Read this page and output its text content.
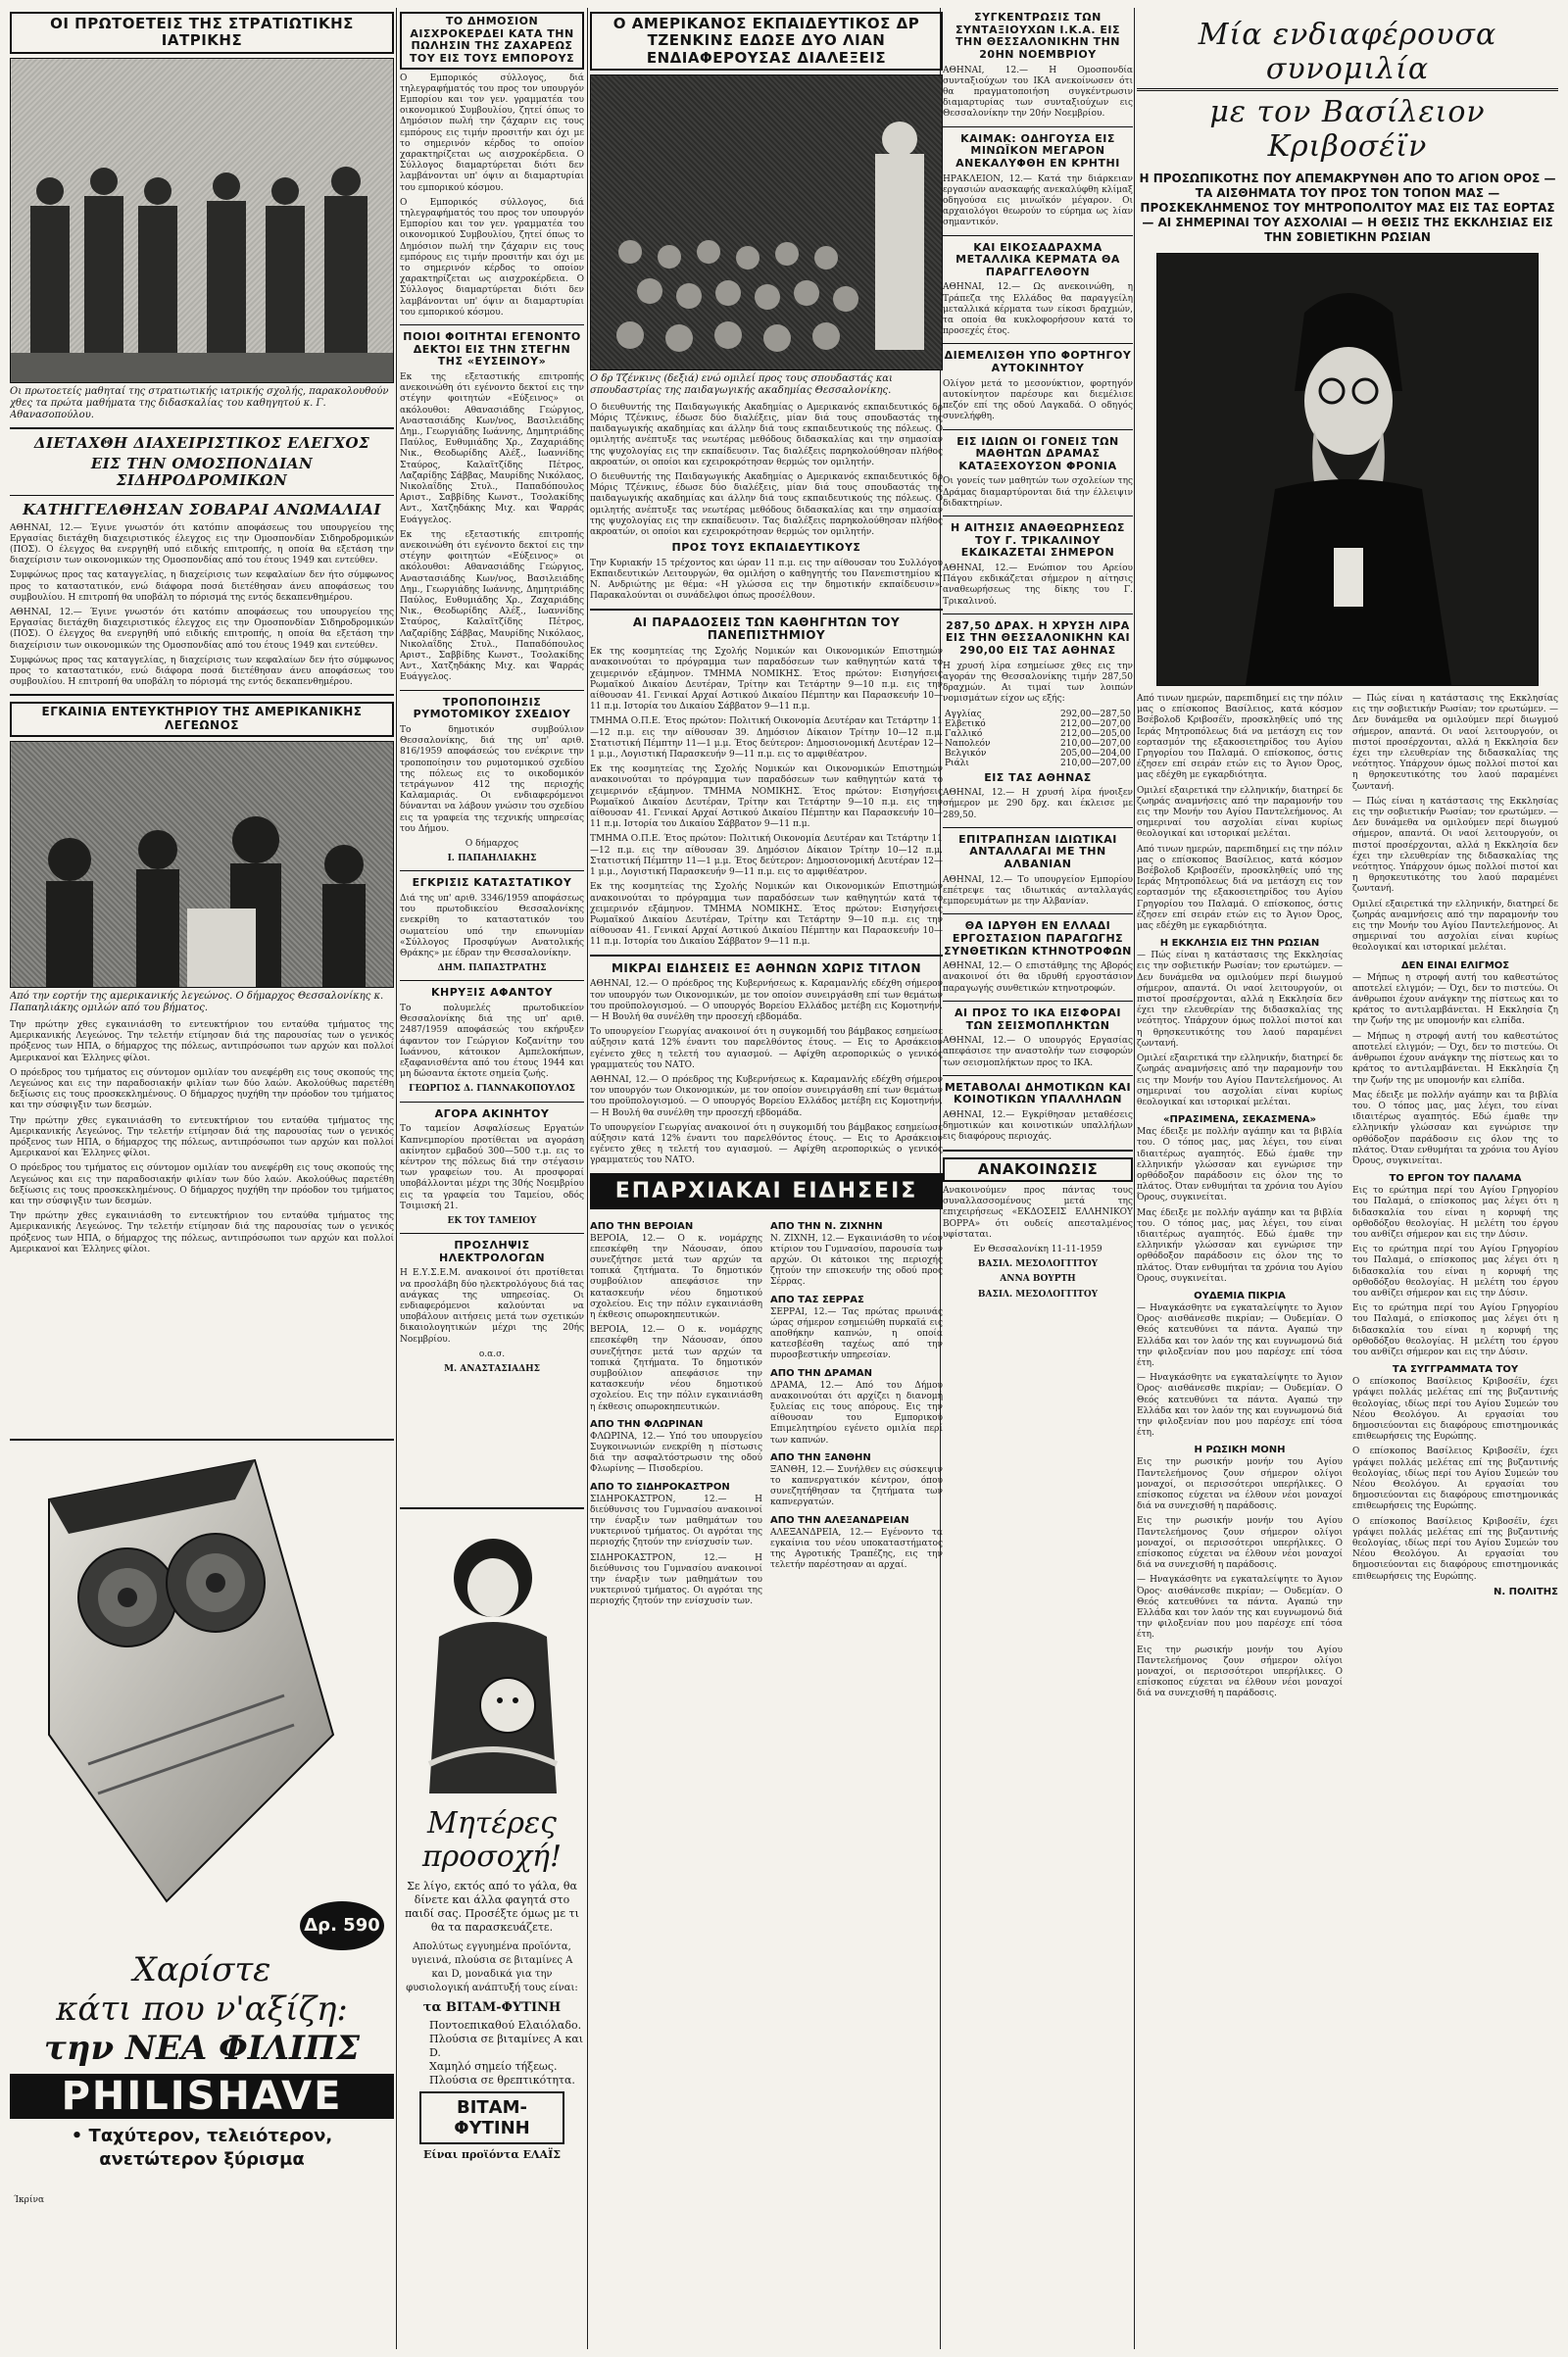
ΟΙ ΠΡΩΤΟΕΤΕΙΣ ΤΗΣ ΣΤΡΑΤΙΩΤΙΚΗΣ ΙΑΤΡΙΚΗΣ
Οι πρωτοετείς μαθηταί της στρατιωτικής ιατρικής σχολής, παρακολουθούν χθες τα πρώτα μαθήματα της διδασκαλίας του καθηγητού κ. Γ. Αθανασοπούλου.
ΔΙΕΤΑΧΘΗ ΔΙΑΧΕΙΡΙΣΤΙΚΟΣ ΕΛΕΓΧΟΣ
ΕΙΣ ΤΗΝ ΟΜΟΣΠΟΝΔΙΑΝ ΣΙΔΗΡΟΔΡΟΜΙΚΩΝ
ΚΑΤΗΓΓΕΛΘΗΣΑΝ ΣΟΒΑΡΑΙ ΑΝΩΜΑΛΙΑΙ

ΑΘΗΝΑΙ, 12.— Έγινε γνωστόν ότι κατόπιν αποφάσεως του υπουργείου της Εργασίας διετάχθη διαχειριστικός έλεγχος εις την Ομοσπονδίαν Σιδηροδρομικών (ΠΟΣ). Ο έλεγχος θα ενεργηθή υπό ειδικής επιτροπής, η οποία θα εξετάση την διαχείρισιν των οικονομικών της Ομοσπονδίας από του έτους 1949 και εντεύθεν.

Συμφώνως προς τας καταγγελίας, η διαχείρισις των κεφαλαίων δεν ήτο σύμφωνος προς το καταστατικόν, ενώ διάφορα ποσά διετέθησαν άνευ αποφάσεως του συμβουλίου. Η επιτροπή θα υποβάλη το πόρισμά της εντός δεκαπενθημέρου.

ΑΘΗΝΑΙ, 12.— Έγινε γνωστόν ότι κατόπιν αποφάσεως του υπουργείου της Εργασίας διετάχθη διαχειριστικός έλεγχος εις την Ομοσπονδίαν Σιδηροδρομικών (ΠΟΣ). Ο έλεγχος θα ενεργηθή υπό ειδικής επιτροπής, η οποία θα εξετάση την διαχείρισιν των οικονομικών της Ομοσπονδίας από του έτους 1949 και εντεύθεν.

Συμφώνως προς τας καταγγελίας, η διαχείρισις των κεφαλαίων δεν ήτο σύμφωνος προς το καταστατικόν, ενώ διάφορα ποσά διετέθησαν άνευ αποφάσεως του συμβουλίου. Η επιτροπή θα υποβάλη το πόρισμά της εντός δεκαπενθημέρου.

ΕΓΚΑΙΝΙΑ ΕΝΤΕΥΚΤΗΡΙΟΥ ΤΗΣ ΑΜΕΡΙΚΑΝΙΚΗΣ ΛΕΓΕΩΝΟΣ
Από την εορτήν της αμερικανικής λεγεώνος. Ο δήμαρχος Θεσσαλονίκης κ. Παπαηλιάκης ομιλών από του βήματος.

Την πρώτην χθες εγκαινιάσθη το εντευκτήριον του ενταύθα τμήματος της Αμερικανικής Λεγεώνος. Την τελετήν ετίμησαν διά της παρουσίας των ο γενικός πρόξενος των ΗΠΑ, ο δήμαρχος της πόλεως, αντιπρόσωποι των αρχών και πολλοί Αμερικανοί και Έλληνες φίλοι.

Ο πρόεδρος του τμήματος εις σύντομον ομιλίαν του ανεφέρθη εις τους σκοπούς της Λεγεώνος και εις την παραδοσιακήν φιλίαν των δύο λαών. Ακολούθως παρετέθη δεξίωσις εις τους προσκεκλημένους. Ο δήμαρχος ηυχήθη την πρόοδον του τμήματος και την σύσφιγξιν των δεσμών.

Την πρώτην χθες εγκαινιάσθη το εντευκτήριον του ενταύθα τμήματος της Αμερικανικής Λεγεώνος. Την τελετήν ετίμησαν διά της παρουσίας των ο γενικός πρόξενος των ΗΠΑ, ο δήμαρχος της πόλεως, αντιπρόσωποι των αρχών και πολλοί Αμερικανοί και Έλληνες φίλοι.

Ο πρόεδρος του τμήματος εις σύντομον ομιλίαν του ανεφέρθη εις τους σκοπούς της Λεγεώνος και εις την παραδοσιακήν φιλίαν των δύο λαών. Ακολούθως παρετέθη δεξίωσις εις τους προσκεκλημένους. Ο δήμαρχος ηυχήθη την πρόοδον του τμήματος και την σύσφιγξιν των δεσμών.

Την πρώτην χθες εγκαινιάσθη το εντευκτήριον του ενταύθα τμήματος της Αμερικανικής Λεγεώνος. Την τελετήν ετίμησαν διά της παρουσίας των ο γενικός πρόξενος των ΗΠΑ, ο δήμαρχος της πόλεως, αντιπρόσωποι των αρχών και πολλοί Αμερικανοί και Έλληνες φίλοι.

Δρ. 590
Χαρίστε
κάτι που ν'αξίζη:
την ΝΕΑ ΦΙΛΙΠΣ
PHILISHAVE
• Ταχύτερον, τελειότερον,
ανετώτερον ξύρισμα
Ίκρίνα
ΤΟ ΔΗΜΟΣΙΟΝ ΑΙΣΧΡΟΚΕΡΔΕΙ ΚΑΤΑ ΤΗΝ ΠΩΛΗΣΙΝ ΤΗΣ ΖΑΧΑΡΕΩΣ ΤΟΥ ΕΙΣ ΤΟΥΣ ΕΜΠΟΡΟΥΣ

Ο Εμπορικός σύλλογος, διά τηλεγραφήματός του προς τον υπουργόν Εμπορίου και τον γεν. γραμματέα του οικονομικού Συμβουλίου, ζητεί όπως το Δημόσιον πωλή την ζάχαριν εις τους εμπόρους εις τιμήν προσιτήν και όχι με το σημερινόν κέρδος το οποίον χαρακτηρίζεται ως αισχροκέρδεια. Ο Σύλλογος διαμαρτύρεται διότι δεν λαμβάνονται υπ' όψιν αι διαμαρτυρίαι του εμπορικού κόσμου.

Ο Εμπορικός σύλλογος, διά τηλεγραφήματός του προς τον υπουργόν Εμπορίου και τον γεν. γραμματέα του οικονομικού Συμβουλίου, ζητεί όπως το Δημόσιον πωλή την ζάχαριν εις τους εμπόρους εις τιμήν προσιτήν και όχι με το σημερινόν κέρδος το οποίον χαρακτηρίζεται ως αισχροκέρδεια. Ο Σύλλογος διαμαρτύρεται διότι δεν λαμβάνονται υπ' όψιν αι διαμαρτυρίαι του εμπορικού κόσμου.

ΠΟΙΟΙ ΦΟΙΤΗΤΑΙ ΕΓΕΝΟΝΤΟ ΔΕΚΤΟΙ ΕΙΣ ΤΗΝ ΣΤΕΓΗΝ ΤΗΣ «ΕΥΣΕΙΝΟΥ»

Εκ της εξεταστικής επιτροπής ανεκοινώθη ότι εγένοντο δεκτοί εις την στέγην φοιτητών «Εύξεινος» οι ακόλουθοι: Αθανασιάδης Γεώργιος, Αναστασιάδης Κων/νος, Βασιλειάδης Δημ., Γεωργιάδης Ιωάννης, Δημητριάδης Παύλος, Ευθυμιάδης Χρ., Ζαχαριάδης Νικ., Θεοδωρίδης Αλέξ., Ιωαννίδης Σταύρος, Καλαϊτζίδης Πέτρος, Λαζαρίδης Σάββας, Μαυρίδης Νικόλαος, Νικολαΐδης Στυλ., Παπαδόπουλος Αριστ., Σαββίδης Κωνστ., Τσολακίδης Αντ., Χατζηδάκης Μιχ. και Ψαρράς Ευάγγελος.

Εκ της εξεταστικής επιτροπής ανεκοινώθη ότι εγένοντο δεκτοί εις την στέγην φοιτητών «Εύξεινος» οι ακόλουθοι: Αθανασιάδης Γεώργιος, Αναστασιάδης Κων/νος, Βασιλειάδης Δημ., Γεωργιάδης Ιωάννης, Δημητριάδης Παύλος, Ευθυμιάδης Χρ., Ζαχαριάδης Νικ., Θεοδωρίδης Αλέξ., Ιωαννίδης Σταύρος, Καλαϊτζίδης Πέτρος, Λαζαρίδης Σάββας, Μαυρίδης Νικόλαος, Νικολαΐδης Στυλ., Παπαδόπουλος Αριστ., Σαββίδης Κωνστ., Τσολακίδης Αντ., Χατζηδάκης Μιχ. και Ψαρράς Ευάγγελος.

ΤΡΟΠΟΠΟΙΗΣΙΣ ΡΥΜΟΤΟΜΙΚΟΥ ΣΧΕΔΙΟΥ

Το δημοτικόν συμβούλιον Θεσσαλονίκης, διά της υπ' αριθ. 816/1959 αποφάσεώς του ενέκρινε την τροποποίησιν του ρυμοτομικού σχεδίου της πόλεως εις το οικοδομικόν τετράγωνον 412 της περιοχής Καλαμαριάς. Οι ενδιαφερόμενοι δύνανται να λάβουν γνώσιν του σχεδίου εις τα γραφεία της τεχνικής υπηρεσίας του Δήμου.

Ο δήμαρχος
Ι. ΠΑΠΑΗΛΙΑΚΗΣ
ΕΓΚΡΙΣΙΣ ΚΑΤΑΣΤΑΤΙΚΟΥ

Διά της υπ' αριθ. 3346/1959 αποφάσεως του πρωτοδικείου Θεσσαλονίκης ενεκρίθη το καταστατικόν του σωματείου υπό την επωνυμίαν «Σύλλογος Προσφύγων Ανατολικής Θράκης» με έδραν την Θεσσαλονίκην.

ΔΗΜ. ΠΑΠΑΣΤΡΑΤΗΣ
ΚΗΡΥΞΙΣ ΑΦΑΝΤΟΥ

Το πολυμελές πρωτοδικείον Θεσσαλονίκης διά της υπ' αριθ. 2487/1959 αποφάσεώς του εκήρυξεν άφαντον τον Γεώργιον Κοζανίτην του Ιωάννου, κάτοικον Αμπελοκήπων, εξαφανισθέντα από του έτους 1944 και μη δώσαντα έκτοτε σημεία ζωής.

ΓΕΩΡΓΙΟΣ Δ. ΓΙΑΝΝΑΚΟΠΟΥΛΟΣ
ΑΓΟΡΑ ΑΚΙΝΗΤΟΥ

Το ταμείον Ασφαλίσεως Εργατών Καπνεμπορίου προτίθεται να αγοράση ακίνητον εμβαδού 300—500 τ.μ. εις το κέντρον της πόλεως διά την στέγασιν των γραφείων του. Αι προσφοραί υποβάλλονται μέχρι της 30ής Νοεμβρίου εις τα γραφεία του Ταμείου, οδός Τσιμισκή 21.

ΕΚ ΤΟΥ ΤΑΜΕΙΟΥ
ΠΡΟΣΛΗΨΙΣ ΗΛΕΚΤΡΟΛΟΓΩΝ

Η Ε.Υ.Σ.Ε.Μ. ανακοινοί ότι προτίθεται να προσλάβη δύο ηλεκτρολόγους διά τας ανάγκας της υπηρεσίας. Οι ενδιαφερόμενοι καλούνται να υποβάλουν αιτήσεις μετά των σχετικών δικαιολογητικών μέχρι της 20ής Νοεμβρίου.

ο.α.σ.
Μ. ΑΝΑΣΤΑΣΙΑΔΗΣ
Μητέρες
προσοχή!
Σε λίγο, εκτός από το γάλα, θα δίνετε και άλλα φαγητά στο παιδί σας. Προσέξτε όμως με τι θα τα παρασκευάζετε.
Απολύτως εγγυημένα προϊόντα, υγιεινά, πλούσια σε βιταμίνες A και D, μοναδικά για την φυσιολογική ανάπτυξή τους είναι:
τα ΒΙΤΑΜ-ΦΥΤΙΝΗ
Ποντοεπικαθού Ελαιόλαδο.
Πλούσια σε βιταμίνες A και D.
Χαμηλό σημείο τήξεως.
Πλούσια σε θρεπτικότητα.
ΒΙΤΑΜ-ΦΥΤΙΝΗ
Είναι προϊόντα ΕΛΑΪΣ
Ο ΑΜΕΡΙΚΑΝΟΣ ΕΚΠΑΙΔΕΥΤΙΚΟΣ ΔΡ ΤΖΕΝΚΙΝΣ ΕΔΩΣΕ ΔΥΟ ΛΙΑΝ ΕΝΔΙΑΦΕΡΟΥΣΑΣ ΔΙΑΛΕΞΕΙΣ
Ο δρ Τζένκινς (δεξιά) ενώ ομιλεί προς τους σπουδαστάς και σπουδαστρίας της παιδαγωγικής ακαδημίας Θεσσαλονίκης.

Ο διευθυντής της Παιδαγωγικής Ακαδημίας ο Αμερικανός εκπαιδευτικός δρ Μόρις Τζένκινς, έδωσε δύο διαλέξεις, μίαν διά τους σπουδαστάς της παιδαγωγικής ακαδημίας και άλλην διά τους εκπαιδευτικούς της πόλεως. Ο ομιλητής ανέπτυξε τας νεωτέρας μεθόδους διδασκαλίας και την σημασίαν της ψυχολογίας εις την εκπαίδευσιν. Τας διαλέξεις παρηκολούθησαν πλήθος ακροατών, οι οποίοι και εχειροκρότησαν θερμώς τον ομιλητήν.

Ο διευθυντής της Παιδαγωγικής Ακαδημίας ο Αμερικανός εκπαιδευτικός δρ Μόρις Τζένκινς, έδωσε δύο διαλέξεις, μίαν διά τους σπουδαστάς της παιδαγωγικής ακαδημίας και άλλην διά τους εκπαιδευτικούς της πόλεως. Ο ομιλητής ανέπτυξε τας νεωτέρας μεθόδους διδασκαλίας και την σημασίαν της ψυχολογίας εις την εκπαίδευσιν. Τας διαλέξεις παρηκολούθησαν πλήθος ακροατών, οι οποίοι και εχειροκρότησαν θερμώς τον ομιλητήν.

ΠΡΟΣ ΤΟΥΣ ΕΚΠΑΙΔΕΥΤΙΚΟΥΣ

Την Κυριακήν 15 τρέχοντος και ώραν 11 π.μ. εις την αίθουσαν του Συλλόγου Εκπαιδευτικών Λειτουργών, θα ομιλήση ο καθηγητής του Πανεπιστημίου κ. Ν. Ανδριώτης με θέμα: «Η γλώσσα εις την δημοτικήν εκπαίδευσιν». Παρακαλούνται οι συνάδελφοι όπως προσέλθουν.

ΑΙ ΠΑΡΑΔΟΣΕΙΣ ΤΩΝ ΚΑΘΗΓΗΤΩΝ ΤΟΥ ΠΑΝΕΠΙΣΤΗΜΙΟΥ

Εκ της κοσμητείας της Σχολής Νομικών και Οικονομικών Επιστημών ανακοινούται το πρόγραμμα των παραδόσεων των καθηγητών κατά το χειμερινόν εξάμηνον. ΤΜΗΜΑ ΝΟΜΙΚΗΣ. Έτος πρώτον: Εισηγήσεις Ρωμαϊκού Δικαίου Δευτέραν, Τρίτην και Τετάρτην 9—10 π.μ. εις την αίθουσαν 41. Γενικαί Αρχαί Αστικού Δικαίου Πέμπτην και Παρασκευήν 10—11 π.μ. Ιστορία του Δικαίου Σάββατον 9—11 π.μ.

ΤΜΗΜΑ Ο.Π.Ε. Έτος πρώτον: Πολιτική Οικονομία Δευτέραν και Τετάρτην 11—12 π.μ. εις την αίθουσαν 39. Δημόσιον Δίκαιον Τρίτην 10—12 π.μ. Στατιστική Πέμπτην 11—1 μ.μ. Έτος δεύτερον: Δημοσιονομική Δευτέραν 12—1 μ.μ., Λογιστική Παρασκευήν 9—11 π.μ. εις το αμφιθέατρον.

Εκ της κοσμητείας της Σχολής Νομικών και Οικονομικών Επιστημών ανακοινούται το πρόγραμμα των παραδόσεων των καθηγητών κατά το χειμερινόν εξάμηνον. ΤΜΗΜΑ ΝΟΜΙΚΗΣ. Έτος πρώτον: Εισηγήσεις Ρωμαϊκού Δικαίου Δευτέραν, Τρίτην και Τετάρτην 9—10 π.μ. εις την αίθουσαν 41. Γενικαί Αρχαί Αστικού Δικαίου Πέμπτην και Παρασκευήν 10—11 π.μ. Ιστορία του Δικαίου Σάββατον 9—11 π.μ.

ΤΜΗΜΑ Ο.Π.Ε. Έτος πρώτον: Πολιτική Οικονομία Δευτέραν και Τετάρτην 11—12 π.μ. εις την αίθουσαν 39. Δημόσιον Δίκαιον Τρίτην 10—12 π.μ. Στατιστική Πέμπτην 11—1 μ.μ. Έτος δεύτερον: Δημοσιονομική Δευτέραν 12—1 μ.μ., Λογιστική Παρασκευήν 9—11 π.μ. εις το αμφιθέατρον.

Εκ της κοσμητείας της Σχολής Νομικών και Οικονομικών Επιστημών ανακοινούται το πρόγραμμα των παραδόσεων των καθηγητών κατά το χειμερινόν εξάμηνον. ΤΜΗΜΑ ΝΟΜΙΚΗΣ. Έτος πρώτον: Εισηγήσεις Ρωμαϊκού Δικαίου Δευτέραν, Τρίτην και Τετάρτην 9—10 π.μ. εις την αίθουσαν 41. Γενικαί Αρχαί Αστικού Δικαίου Πέμπτην και Παρασκευήν 10—11 π.μ. Ιστορία του Δικαίου Σάββατον 9—11 π.μ.

ΜΙΚΡΑΙ ΕΙΔΗΣΕΙΣ ΕΞ ΑΘΗΝΩΝ ΧΩΡΙΣ ΤΙΤΛΟΝ

ΑΘΗΝΑΙ, 12.— Ο πρόεδρος της Κυβερνήσεως κ. Καραμανλής εδέχθη σήμερον τον υπουργόν των Οικονομικών, με τον οποίον συνειργάσθη επί των θεμάτων του προϋπολογισμού. — Ο υπουργός Βορείου Ελλάδος μετέβη εις Κομοτηνήν. — Η Βουλή θα συνέλθη την προσεχή εβδομάδα.

Το υπουργείον Γεωργίας ανακοινοί ότι η συγκομιδή του βάμβακος εσημείωσε αύξησιν κατά 12% έναντι του παρελθόντος έτους. — Εις το Αρσάκειον εγένετο χθες η τελετή του αγιασμού. — Αφίχθη αεροπορικώς ο γενικός γραμματεύς του ΝΑΤΟ.

ΑΘΗΝΑΙ, 12.— Ο πρόεδρος της Κυβερνήσεως κ. Καραμανλής εδέχθη σήμερον τον υπουργόν των Οικονομικών, με τον οποίον συνειργάσθη επί των θεμάτων του προϋπολογισμού. — Ο υπουργός Βορείου Ελλάδος μετέβη εις Κομοτηνήν. — Η Βουλή θα συνέλθη την προσεχή εβδομάδα.

Το υπουργείον Γεωργίας ανακοινοί ότι η συγκομιδή του βάμβακος εσημείωσε αύξησιν κατά 12% έναντι του παρελθόντος έτους. — Εις το Αρσάκειον εγένετο χθες η τελετή του αγιασμού. — Αφίχθη αεροπορικώς ο γενικός γραμματεύς του ΝΑΤΟ.

ΕΠΑΡΧΙΑΚΑΙ ΕΙΔΗΣΕΙΣ
ΑΠΟ ΤΗΝ ΒΕΡΟΙΑΝ

ΒΕΡΟΙΑ, 12.— Ο κ. νομάρχης επεσκέφθη την Νάουσαν, όπου συνεζήτησε μετά των αρχών τα τοπικά ζητήματα. Το δημοτικόν συμβούλιον απεφάσισε την κατασκευήν νέου δημοτικού σχολείου. Εις την πόλιν εγκαινιάσθη η έκθεσις οπωροκηπευτικών.

ΒΕΡΟΙΑ, 12.— Ο κ. νομάρχης επεσκέφθη την Νάουσαν, όπου συνεζήτησε μετά των αρχών τα τοπικά ζητήματα. Το δημοτικόν συμβούλιον απεφάσισε την κατασκευήν νέου δημοτικού σχολείου. Εις την πόλιν εγκαινιάσθη η έκθεσις οπωροκηπευτικών.

ΑΠΟ ΤΗΝ ΦΛΩΡΙΝΑΝ

ΦΛΩΡΙΝΑ, 12.— Υπό του υπουργείου Συγκοινωνιών ενεκρίθη η πίστωσις διά την ασφαλτόστρωσιν της οδού Φλωρίνης — Πισοδερίου.

ΑΠΟ ΤΟ ΣΙΔΗΡΟΚΑΣΤΡΟΝ

ΣΙΔΗΡΟΚΑΣΤΡΟΝ, 12.— Η διεύθυνσις του Γυμνασίου ανακοινοί την έναρξιν των μαθημάτων του νυκτερινού τμήματος. Οι αγρόται της περιοχής ζητούν την ενίσχυσίν των.

ΣΙΔΗΡΟΚΑΣΤΡΟΝ, 12.— Η διεύθυνσις του Γυμνασίου ανακοινοί την έναρξιν των μαθημάτων του νυκτερινού τμήματος. Οι αγρόται της περιοχής ζητούν την ενίσχυσίν των.

ΑΠΟ ΤΗΝ Ν. ΖΙΧΝΗΝ

Ν. ΖΙΧΝΗ, 12.— Εγκαινιάσθη το νέον κτίριον του Γυμνασίου, παρουσία των αρχών. Οι κάτοικοι της περιοχής ζητούν την επισκευήν της οδού προς Σέρρας.

ΑΠΟ ΤΑΣ ΣΕΡΡΑΣ

ΣΕΡΡΑΙ, 12.— Τας πρώτας πρωινάς ώρας σήμερον εσημειώθη πυρκαϊά εις αποθήκην καπνών, η οποία κατεσβέσθη ταχέως από την πυροσβεστικήν υπηρεσίαν.

ΑΠΟ ΤΗΝ ΔΡΑΜΑΝ

ΔΡΑΜΑ, 12.— Από του Δήμου ανακοινούται ότι αρχίζει η διανομή ξυλείας εις τους απόρους. Εις την αίθουσαν του Εμπορικού Επιμελητηρίου εγένετο ομιλία περί των καπνών.

ΑΠΟ ΤΗΝ ΞΑΝΘΗΝ

ΞΑΝΘΗ, 12.— Συνήλθεν εις σύσκεψιν το καπνεργατικόν κέντρον, όπου συνεζητήθησαν τα ζητήματα των καπνεργατών.

ΑΠΟ ΤΗΝ ΑΛΕΞΑΝΔΡΕΙΑΝ

ΑΛΕΞΑΝΔΡΕΙΑ, 12.— Εγένοντο τα εγκαίνια του νέου υποκαταστήματος της Αγροτικής Τραπέζης, εις την τελετήν παρέστησαν αι αρχαί.

ΣΥΓΚΕΝΤΡΩΣΙΣ ΤΩΝ ΣΥΝΤΑΞΙΟΥΧΩΝ Ι.Κ.Α. ΕΙΣ ΤΗΝ ΘΕΣΣΑΛΟΝΙΚΗΝ ΤΗΝ 20ΗΝ ΝΟΕΜΒΡΙΟΥ

ΑΘΗΝΑΙ, 12.— Η Ομοσπονδία συνταξιούχων του ΙΚΑ ανεκοίνωσεν ότι θα πραγματοποιήση συγκέντρωσιν διαμαρτυρίας των συνταξιούχων εις Θεσσαλονίκην την 20ήν Νοεμβρίου.

ΚΑΙΜΑΚ: ΟΔΗΓΟΥΣΑ ΕΙΣ ΜΙΝΩΪΚΟΝ ΜΕΓΑΡΟΝ ΑΝΕΚΑΛΥΦΘΗ ΕΝ ΚΡΗΤΗΙ

ΗΡΑΚΛΕΙΟΝ, 12.— Κατά την διάρκειαν εργασιών ανασκαφής ανεκαλύφθη κλίμαξ οδηγούσα εις μινωϊκόν μέγαρον. Οι αρχαιολόγοι θεωρούν το εύρημα ως λίαν σημαντικόν.

ΚΑΙ ΕΙΚΟΣΑΔΡΑΧΜΑ ΜΕΤΑΛΛΙΚΑ ΚΕΡΜΑΤΑ ΘΑ ΠΑΡΑΓΓΕΛΘΟΥΝ

ΑΘΗΝΑΙ, 12.— Ως ανεκοινώθη, η Τράπεζα της Ελλάδος θα παραγγείλη μεταλλικά κέρματα των είκοσι δραχμών, τα οποία θα κυκλοφορήσουν κατά το προσεχές έτος.

ΔΙΕΜΕΛΙΣΘΗ ΥΠΟ ΦΟΡΤΗΓΟΥ ΑΥΤΟΚΙΝΗΤΟΥ

Ολίγον μετά το μεσονύκτιον, φορτηγόν αυτοκίνητον παρέσυρε και διεμέλισε πεζόν επί της οδού Λαγκαδά. Ο οδηγός συνελήφθη.

ΕΙΣ ΙΔΙΩΝ ΟΙ ΓΟΝΕΙΣ ΤΩΝ ΜΑΘΗΤΩΝ ΔΡΑΜΑΣ ΚΑΤΑΞΕΧΟΥΣΟΝ ΦΡΟΝΙΑ

Οι γονείς των μαθητών των σχολείων της Δράμας διαμαρτύρονται διά την έλλειψιν διδακτηρίων.

Η ΑΙΤΗΣΙΣ ΑΝΑΘΕΩΡΗΣΕΩΣ ΤΟΥ Γ. ΤΡΙΚΑΛΙΝΟΥ ΕΚΔΙΚΑΖΕΤΑΙ ΣΗΜΕΡΟΝ

ΑΘΗΝΑΙ, 12.— Ενώπιον του Αρείου Πάγου εκδικάζεται σήμερον η αίτησις αναθεωρήσεως της δίκης του Γ. Τρικαλινού.

287,50 ΔΡΑΧ. Η ΧΡΥΣΗ ΛΙΡΑ ΕΙΣ ΤΗΝ ΘΕΣΣΑΛΟΝΙΚΗΝ ΚΑΙ 290,00 ΕΙΣ ΤΑΣ ΑΘΗΝΑΣ

Η χρυσή λίρα εσημείωσε χθες εις την αγοράν της Θεσσαλονίκης τιμήν 287,50 δραχμών. Αι τιμαί των λοιπών νομισμάτων είχον ως εξής:

Αγγλίας	292,00—287,50
Ελβετικό	212,00—207,00
Γαλλικό	212,00—205,00
Ναπολεόν	210,00—207,00
Βελγικόν	205,00—204,00
Ριάλι	210,00—207,00
ΕΙΣ ΤΑΣ ΑΘΗΝΑΣ

ΑΘΗΝΑΙ, 12.— Η χρυσή λίρα ήνοιξεν σήμερον με 290 δρχ. και έκλεισε με 289,50.

ΕΠΙΤΡΑΠΗΣΑΝ ΙΔΙΩΤΙΚΑΙ ΑΝΤΑΛΛΑΓΑΙ ΜΕ ΤΗΝ ΑΛΒΑΝΙΑΝ

ΑΘΗΝΑΙ, 12.— Το υπουργείον Εμπορίου επέτρεψε τας ιδιωτικάς ανταλλαγάς εμπορευμάτων με την Αλβανίαν.

ΘΑ ΙΔΡΥΘΗ ΕΝ ΕΛΛΑΔΙ ΕΡΓΟΣΤΑΣΙΟΝ ΠΑΡΑΓΩΓΗΣ ΣΥΝΘΕΤΙΚΩΝ ΚΤΗΝΟΤΡΟΦΩΝ

ΑΘΗΝΑΙ, 12.— Ο επιστάθμης της Αβορός ανακοινοί ότι θα ιδρυθή εργοστάσιον παραγωγής συνθετικών κτηνοτροφών.

ΑΙ ΠΡΟΣ ΤΟ ΙΚΑ ΕΙΣΦΟΡΑΙ ΤΩΝ ΣΕΙΣΜΟΠΛΗΚΤΩΝ

ΑΘΗΝΑΙ, 12.— Ο υπουργός Εργασίας απεφάσισε την αναστολήν των εισφορών των σεισμοπλήκτων προς το ΙΚΑ.

ΜΕΤΑΒΟΛΑΙ ΔΗΜΟΤΙΚΩΝ ΚΑΙ ΚΟΙΝΟΤΙΚΩΝ ΥΠΑΛΛΗΛΩΝ

ΑΘΗΝΑΙ, 12.— Εγκρίθησαν μεταθέσεις δημοτικών και κοινοτικών υπαλλήλων εις διαφόρους περιοχάς.

ΑΝΑΚΟΙΝΩΣΙΣ

Ανακοινούμεν προς πάντας τους συναλλασσομένους μετά της επιχειρήσεως «ΕΚΔΟΣΕΙΣ ΕΛΛΗΝΙΚΟΥ ΒΟΡΡΑ» ότι ουδείς απεσταλμένος υφίσταται.

Εν Θεσσαλονίκη 11-11-1959
ΒΑΣΙΛ. ΜΕΣΟΛΟΓΓΙΤΟΥ
ΑΝΝΑ ΒΟΥΡΤΗ
ΒΑΣΙΛ. ΜΕΣΟΛΟΓΓΙΤΟΥ
Μία ενδιαφέρουσα συνομιλία
με τον Βασίλειον Κριβοσέϊν
Η ΠΡΟΣΩΠΙΚΟΤΗΣ ΠΟΥ ΑΠΕΜΑΚΡΥΝΘΗ ΑΠΟ ΤΟ ΑΓΙΟΝ ΟΡΟΣ — ΤΑ ΑΙΣΘΗΜΑΤΑ ΤΟΥ ΠΡΟΣ ΤΟΝ ΤΟΠΟΝ ΜΑΣ — ΠΡΟΣΚΕΚΛΗΜΕΝΟΣ ΤΟΥ ΜΗΤΡΟΠΟΛΙΤΟΥ ΜΑΣ ΕΙΣ ΤΑΣ ΕΟΡΤΑΣ — ΑΙ ΣΗΜΕΡΙΝΑΙ ΤΟΥ ΑΣΧΟΛΙΑΙ — Η ΘΕΣΙΣ ΤΗΣ ΕΚΚΛΗΣΙΑΣ ΕΙΣ ΤΗΝ ΣΟΒΙΕΤΙΚΗΝ ΡΩΣΙΑΝ

Από τινων ημερών, παρεπιδημεί εις την πόλιν μας ο επίσκοπος Βασίλειος, κατά κόσμον Βσέβολοδ Κριβοσέϊν, προσκληθείς υπό της Ιεράς Μητροπόλεως διά να μετάσχη εις τον εορτασμόν της εξακοσιετηρίδος του Αγίου Γρηγορίου του Παλαμά. Ο επίσκοπος, όστις έζησεν επί σειράν ετών εις το Άγιον Όρος, μας εδέχθη με εγκαρδιότητα.

Ομιλεί εξαιρετικά την ελληνικήν, διατηρεί δε ζωηράς αναμνήσεις από την παραμονήν του εις την Μονήν του Αγίου Παντελεήμονος. Αι σημεριναί του ασχολίαι είναι κυρίως θεολογικαί και ιστορικαί μελέται.

Από τινων ημερών, παρεπιδημεί εις την πόλιν μας ο επίσκοπος Βασίλειος, κατά κόσμον Βσέβολοδ Κριβοσέϊν, προσκληθείς υπό της Ιεράς Μητροπόλεως διά να μετάσχη εις τον εορτασμόν της εξακοσιετηρίδος του Αγίου Γρηγορίου του Παλαμά. Ο επίσκοπος, όστις έζησεν επί σειράν ετών εις το Άγιον Όρος, μας εδέχθη με εγκαρδιότητα.

Η ΕΚΚΛΗΣΙΑ ΕΙΣ ΤΗΝ ΡΩΣΙΑΝ

— Πώς είναι η κατάστασις της Εκκλησίας εις την σοβιετικήν Ρωσίαν; τον ερωτώμεν. — Δεν δυνάμεθα να ομιλούμεν περί διωγμού σήμερον, απαντά. Οι ναοί λειτουργούν, οι πιστοί προσέρχονται, αλλά η Εκκλησία δεν έχει την ελευθερίαν της διδασκαλίας της νεότητος. Υπάρχουν όμως πολλοί πιστοί και η θρησκευτικότης του λαού παραμένει ζωντανή.

Ομιλεί εξαιρετικά την ελληνικήν, διατηρεί δε ζωηράς αναμνήσεις από την παραμονήν του εις την Μονήν του Αγίου Παντελεήμονος. Αι σημεριναί του ασχολίαι είναι κυρίως θεολογικαί και ιστορικαί μελέται.

«ΠΡΑΣΙΜΕΝΑ, ΣΕΚΑΣΜΕΝΑ»

Μας έδειξε με πολλήν αγάπην και τα βιβλία του. Ο τόπος μας, μας λέγει, του είναι ιδιαιτέρως αγαπητός. Εδώ έμαθε την ελληνικήν γλώσσαν και εγνώρισε την ορθόδοξον παράδοσιν εις όλον της το πλάτος. Όταν ενθυμήται τα χρόνια του Αγίου Όρους, συγκινείται.

Μας έδειξε με πολλήν αγάπην και τα βιβλία του. Ο τόπος μας, μας λέγει, του είναι ιδιαιτέρως αγαπητός. Εδώ έμαθε την ελληνικήν γλώσσαν και εγνώρισε την ορθόδοξον παράδοσιν εις όλον της το πλάτος. Όταν ενθυμήται τα χρόνια του Αγίου Όρους, συγκινείται.

ΟΥΔΕΜΙΑ ΠΙΚΡΙΑ

— Ηναγκάσθητε να εγκαταλείψητε το Άγιον Όρος· αισθάνεσθε πικρίαν; — Ουδεμίαν. Ο Θεός κατευθύνει τα πάντα. Αγαπώ την Ελλάδα και τον λαόν της και ευγνωμονώ διά την φιλοξενίαν που μου παρέσχε επί τόσα έτη.

— Ηναγκάσθητε να εγκαταλείψητε το Άγιον Όρος· αισθάνεσθε πικρίαν; — Ουδεμίαν. Ο Θεός κατευθύνει τα πάντα. Αγαπώ την Ελλάδα και τον λαόν της και ευγνωμονώ διά την φιλοξενίαν που μου παρέσχε επί τόσα έτη.

Η ΡΩΣΙΚΗ ΜΟΝΗ

Εις την ρωσικήν μονήν του Αγίου Παντελεήμονος ζουν σήμερον ολίγοι μοναχοί, οι περισσότεροι υπερήλικες. Ο επίσκοπος εύχεται να έλθουν νέοι μοναχοί διά να συνεχισθή η παράδοσις.

Εις την ρωσικήν μονήν του Αγίου Παντελεήμονος ζουν σήμερον ολίγοι μοναχοί, οι περισσότεροι υπερήλικες. Ο επίσκοπος εύχεται να έλθουν νέοι μοναχοί διά να συνεχισθή η παράδοσις.

— Ηναγκάσθητε να εγκαταλείψητε το Άγιον Όρος· αισθάνεσθε πικρίαν; — Ουδεμίαν. Ο Θεός κατευθύνει τα πάντα. Αγαπώ την Ελλάδα και τον λαόν της και ευγνωμονώ διά την φιλοξενίαν που μου παρέσχε επί τόσα έτη.

Εις την ρωσικήν μονήν του Αγίου Παντελεήμονος ζουν σήμερον ολίγοι μοναχοί, οι περισσότεροι υπερήλικες. Ο επίσκοπος εύχεται να έλθουν νέοι μοναχοί διά να συνεχισθή η παράδοσις.

— Πώς είναι η κατάστασις της Εκκλησίας εις την σοβιετικήν Ρωσίαν; τον ερωτώμεν. — Δεν δυνάμεθα να ομιλούμεν περί διωγμού σήμερον, απαντά. Οι ναοί λειτουργούν, οι πιστοί προσέρχονται, αλλά η Εκκλησία δεν έχει την ελευθερίαν της διδασκαλίας της νεότητος. Υπάρχουν όμως πολλοί πιστοί και η θρησκευτικότης του λαού παραμένει ζωντανή.

— Πώς είναι η κατάστασις της Εκκλησίας εις την σοβιετικήν Ρωσίαν; τον ερωτώμεν. — Δεν δυνάμεθα να ομιλούμεν περί διωγμού σήμερον, απαντά. Οι ναοί λειτουργούν, οι πιστοί προσέρχονται, αλλά η Εκκλησία δεν έχει την ελευθερίαν της διδασκαλίας της νεότητος. Υπάρχουν όμως πολλοί πιστοί και η θρησκευτικότης του λαού παραμένει ζωντανή.

Ομιλεί εξαιρετικά την ελληνικήν, διατηρεί δε ζωηράς αναμνήσεις από την παραμονήν του εις την Μονήν του Αγίου Παντελεήμονος. Αι σημεριναί του ασχολίαι είναι κυρίως θεολογικαί και ιστορικαί μελέται.

ΔΕΝ ΕΙΝΑΙ ΕΛΙΓΜΟΣ

— Μήπως η στροφή αυτή του καθεστώτος αποτελεί ελιγμόν; — Όχι, δεν το πιστεύω. Οι άνθρωποι έχουν ανάγκην της πίστεως και το κράτος το αντιλαμβάνεται. Η Εκκλησία ζη την ζωήν της με υπομονήν και ελπίδα.

— Μήπως η στροφή αυτή του καθεστώτος αποτελεί ελιγμόν; — Όχι, δεν το πιστεύω. Οι άνθρωποι έχουν ανάγκην της πίστεως και το κράτος το αντιλαμβάνεται. Η Εκκλησία ζη την ζωήν της με υπομονήν και ελπίδα.

Μας έδειξε με πολλήν αγάπην και τα βιβλία του. Ο τόπος μας, μας λέγει, του είναι ιδιαιτέρως αγαπητός. Εδώ έμαθε την ελληνικήν γλώσσαν και εγνώρισε την ορθόδοξον παράδοσιν εις όλον της το πλάτος. Όταν ενθυμήται τα χρόνια του Αγίου Όρους, συγκινείται.

ΤΟ ΕΡΓΟΝ ΤΟΥ ΠΑΛΑΜΑ

Εις το ερώτημα περί του Αγίου Γρηγορίου του Παλαμά, ο επίσκοπος μας λέγει ότι η διδασκαλία του είναι η κορυφή της ορθοδόξου θεολογίας. Η μελέτη του έργου του ανθίζει σήμερον και εις την Δύσιν.

Εις το ερώτημα περί του Αγίου Γρηγορίου του Παλαμά, ο επίσκοπος μας λέγει ότι η διδασκαλία του είναι η κορυφή της ορθοδόξου θεολογίας. Η μελέτη του έργου του ανθίζει σήμερον και εις την Δύσιν.

Εις το ερώτημα περί του Αγίου Γρηγορίου του Παλαμά, ο επίσκοπος μας λέγει ότι η διδασκαλία του είναι η κορυφή της ορθοδόξου θεολογίας. Η μελέτη του έργου του ανθίζει σήμερον και εις την Δύσιν.

ΤΑ ΣΥΓΓΡΑΜΜΑΤΑ ΤΟΥ

Ο επίσκοπος Βασίλειος Κριβοσέϊν, έχει γράψει πολλάς μελέτας επί της βυζαντινής θεολογίας, ιδίως περί του Αγίου Συμεών του Νέου Θεολόγου. Αι εργασίαι του δημοσιεύονται εις διαφόρους επιστημονικάς επιθεωρήσεις της Ευρώπης.

Ο επίσκοπος Βασίλειος Κριβοσέϊν, έχει γράψει πολλάς μελέτας επί της βυζαντινής θεολογίας, ιδίως περί του Αγίου Συμεών του Νέου Θεολόγου. Αι εργασίαι του δημοσιεύονται εις διαφόρους επιστημονικάς επιθεωρήσεις της Ευρώπης.

Ο επίσκοπος Βασίλειος Κριβοσέϊν, έχει γράψει πολλάς μελέτας επί της βυζαντινής θεολογίας, ιδίως περί του Αγίου Συμεών του Νέου Θεολόγου. Αι εργασίαι του δημοσιεύονται εις διαφόρους επιστημονικάς επιθεωρήσεις της Ευρώπης.

Ν. ΠΟΛΙΤΗΣ
